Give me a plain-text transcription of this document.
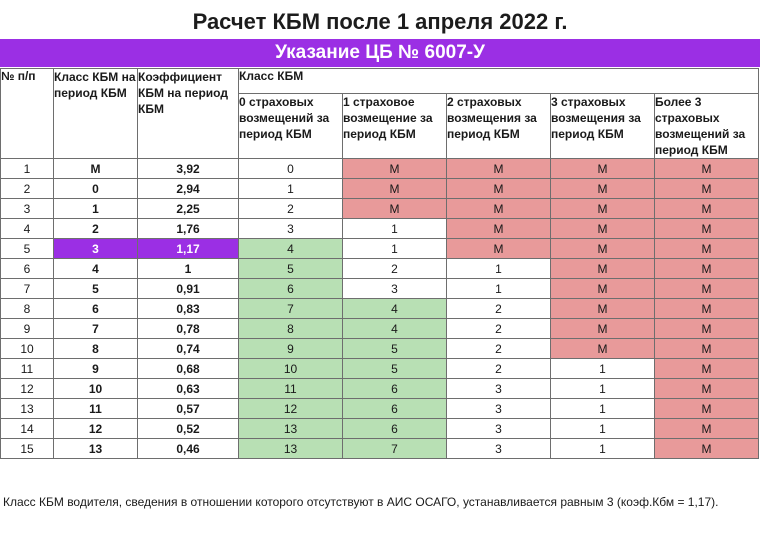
Расчет КБМ после 1 апреля 2022 г.
Указание ЦБ № 6007-У
№ п/п	Класс КБМ на период КБМ	Коэффициент КБМ на период КБМ	Класс КБМ				
			0 страховых возмещений за период КБМ	1 страховое возмещение за период КБМ	2 страховых возмещения за период КБМ	3 страховых возмещения за период КБМ	Более 3 страховых возмещений за период КБМ
1	М	3,92	0	М	М	М	М
2	0	2,94	1	М	М	М	М
3	1	2,25	2	М	М	М	М
4	2	1,76	3	1	М	М	М
5	3	1,17	4	1	М	М	М
6	4	1	5	2	1	М	М
7	5	0,91	6	3	1	М	М
8	6	0,83	7	4	2	М	М
9	7	0,78	8	4	2	М	М
10	8	0,74	9	5	2	М	М
11	9	0,68	10	5	2	1	М
12	10	0,63	11	6	3	1	М
13	11	0,57	12	6	3	1	М
14	12	0,52	13	6	3	1	М
15	13	0,46	13	7	3	1	М
Класс КБМ водителя, сведения в отношении которого отсутствуют в АИС ОСАГО, устанавливается равным 3 (коэф.Кбм = 1,17).
